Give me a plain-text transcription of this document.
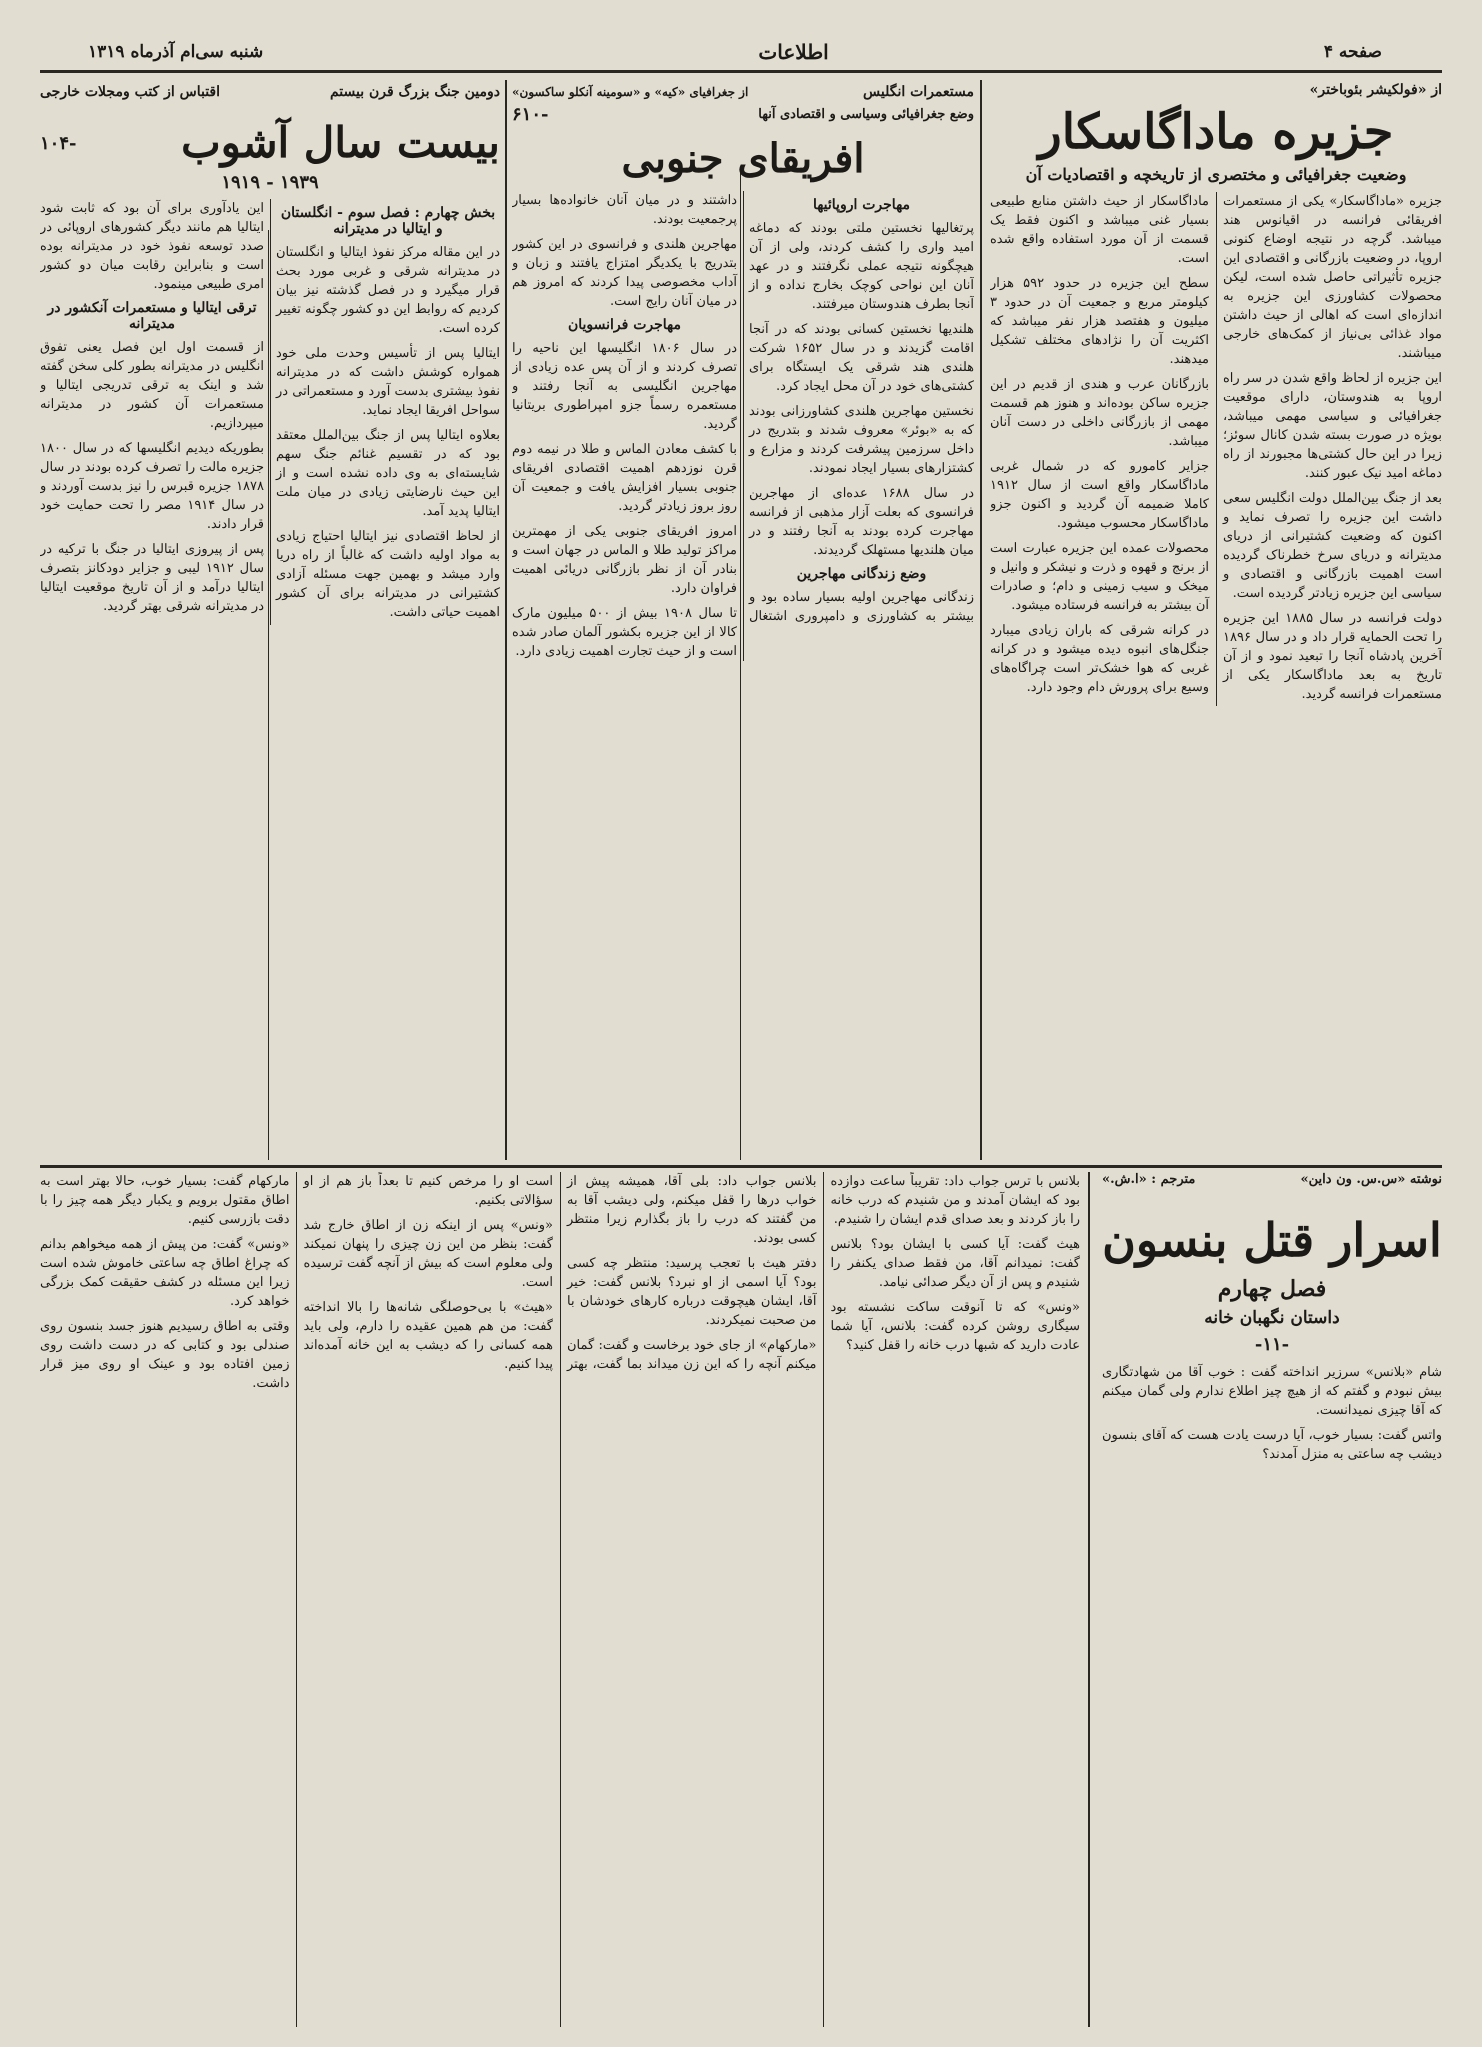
صفحه ۴
اطلاعات
شنبه سی‌ام آذرماه ۱۳۱۹
از «فولکیشر بئوباختر»
جزیره ماداگاسکار
وضعیت جغرافیائی و مختصری از تاریخچه و اقتصادیات آن

جزیره «ماداگاسکار» یکی از مستعمرات افریقائی فرانسه در اقیانوس هند میباشد. گرچه در نتیجه اوضاع کنونی اروپا، در وضعیت بازرگانی و اقتصادی این جزیره تأثیراتی حاصل شده است، لیکن محصولات کشاورزی این جزیره به اندازه‌ای است که اهالی از حیث داشتن مواد غذائی بی‌نیاز از کمک‌های خارجی میباشند.

این جزیره از لحاظ واقع شدن در سر راه اروپا به هندوستان، دارای موقعیت جغرافیائی و سیاسی مهمی میباشد، بویژه در صورت بسته شدن کانال سوئز؛ زیرا در این حال کشتی‌ها مجبورند از راه دماغه امید نیک عبور کنند.

بعد از جنگ بین‌الملل دولت انگلیس سعی داشت این جزیره را تصرف نماید و اکنون که وضعیت کشتیرانی از دریای مدیترانه و دریای سرخ خطرناک گردیده است اهمیت بازرگانی و اقتصادی و سیاسی این جزیره زیادتر گردیده است.

دولت فرانسه در سال ۱۸۸۵ این جزیره را تحت الحمایه قرار داد و در سال ۱۸۹۶ آخرین پادشاه آنجا را تبعید نمود و از آن تاریخ به بعد ماداگاسکار یکی از مستعمرات فرانسه گردید.

ماداگاسکار از حیث داشتن منابع طبیعی بسیار غنی میباشد و اکنون فقط یک قسمت از آن مورد استفاده واقع شده است.

سطح این جزیره در حدود ۵۹۲ هزار کیلومتر مربع و جمعیت آن در حدود ۳ میلیون و هفتصد هزار نفر میباشد که اکثریت آن را نژادهای مختلف تشکیل میدهند.

بازرگانان عرب و هندی از قدیم در این جزیره ساکن بوده‌اند و هنوز هم قسمت مهمی از بازرگانی داخلی در دست آنان میباشد.

جزایر کامورو که در شمال غربی ماداگاسکار واقع است از سال ۱۹۱۲ کاملا ضمیمه آن گردید و اکنون جزو ماداگاسکار محسوب میشود.

محصولات عمده این جزیره عبارت است از برنج و قهوه و ذرت و نیشکر و وانیل و میخک و سیب زمینی و دام؛ و صادرات آن بیشتر به فرانسه فرستاده میشود.

در کرانه شرقی که باران زیادی میبارد جنگل‌های انبوه دیده میشود و در کرانه غربی که هوا خشک‌تر است چراگاه‌های وسیع برای پرورش دام وجود دارد.

مستعمرات انگلیس
از جغرافیای «کیه» و «سومینه آنکلو ساکسون»
وضع جغرافیائی وسیاسی و اقتصادی آنها
-۶۱۰
افریقای جنوبی
مهاجرت اروپائیها

پرتغالیها نخستین ملتی بودند که دماغه امید واری را کشف کردند، ولی از آن هیچگونه نتیجه عملی نگرفتند و در عهد آنان این نواحی کوچک بخارج نداده و از آنجا بطرف هندوستان میرفتند.

هلندیها نخستین کسانی بودند که در آنجا اقامت گزیدند و در سال ۱۶۵۲ شرکت هلندی هند شرقی یک ایستگاه برای کشتی‌های خود در آن محل ایجاد کرد.

نخستین مهاجرین هلندی کشاورزانی بودند که به «بوئر» معروف شدند و بتدریج در داخل سرزمین پیشرفت کردند و مزارع و کشتزارهای بسیار ایجاد نمودند.

در سال ۱۶۸۸ عده‌ای از مهاجرین فرانسوی که بعلت آزار مذهبی از فرانسه مهاجرت کرده بودند به آنجا رفتند و در میان هلندیها مستهلک گردیدند.

وضع زندگانی مهاجرین

زندگانی مهاجرین اولیه بسیار ساده بود و بیشتر به کشاورزی و دامپروری اشتغال داشتند و در میان آنان خانواده‌ها بسیار پرجمعیت بودند.

مهاجرین هلندی و فرانسوی در این کشور بتدریج با یکدیگر امتزاج یافتند و زبان و آداب مخصوصی پیدا کردند که امروز هم در میان آنان رایج است.

مهاجرت فرانسویان

در سال ۱۸۰۶ انگلیسها این ناحیه را تصرف کردند و از آن پس عده زیادی از مهاجرین انگلیسی به آنجا رفتند و مستعمره رسماً جزو امپراطوری بریتانیا گردید.

با کشف معادن الماس و طلا در نیمه دوم قرن نوزدهم اهمیت اقتصادی افریقای جنوبی بسیار افزایش یافت و جمعیت آن روز بروز زیادتر گردید.

امروز افریقای جنوبی یکی از مهمترین مراکز تولید طلا و الماس در جهان است و بنادر آن از نظر بازرگانی دریائی اهمیت فراوان دارد.

تا سال ۱۹۰۸ بیش از ۵۰۰ میلیون مارک کالا از این جزیره بکشور آلمان صادر شده است و از حیث تجارت اهمیت زیادی دارد.

دومین جنگ بزرگ قرن بیستم
اقتباس از کتب ومجلات خارجی
بیست سال آشوب
-۱۰۴
۱۹۳۹ - ۱۹۱۹
بخش چهارم : فصل سوم - انگلستان و ایتالیا در مدیترانه

در این مقاله مرکز نفوذ ایتالیا و انگلستان در مدیترانه شرقی و غربی مورد بحث قرار میگیرد و در فصل گذشته نیز بیان کردیم که روابط این دو کشور چگونه تغییر کرده است.

ایتالیا پس از تأسیس وحدت ملی خود همواره کوشش داشت که در مدیترانه نفوذ بیشتری بدست آورد و مستعمراتی در سواحل افریقا ایجاد نماید.

بعلاوه ایتالیا پس از جنگ بین‌الملل معتقد بود که در تقسیم غنائم جنگ سهم شایسته‌ای به وی داده نشده است و از این حیث نارضایتی زیادی در میان ملت ایتالیا پدید آمد.

از لحاظ اقتصادی نیز ایتالیا احتیاج زیادی به مواد اولیه داشت که غالباً از راه دریا وارد میشد و بهمین جهت مسئله آزادی کشتیرانی در مدیترانه برای آن کشور اهمیت حیاتی داشت.

این یادآوری برای آن بود که ثابت شود ایتالیا هم مانند دیگر کشورهای اروپائی در صدد توسعه نفوذ خود در مدیترانه بوده است و بنابراین رقابت میان دو کشور امری طبیعی مینمود.

ترقی ایتالیا و مستعمرات آنکشور در مدیترانه

از قسمت اول این فصل یعنی تفوق انگلیس در مدیترانه بطور کلی سخن گفته شد و اینک به ترقی تدریجی ایتالیا و مستعمرات آن کشور در مدیترانه میپردازیم.

بطوریکه دیدیم انگلیسها که در سال ۱۸۰۰ جزیره مالت را تصرف کرده بودند در سال ۱۸۷۸ جزیره قبرس را نیز بدست آوردند و در سال ۱۹۱۴ مصر را تحت حمایت خود قرار دادند.

پس از پیروزی ایتالیا در جنگ با ترکیه در سال ۱۹۱۲ لیبی و جزایر دودکانز بتصرف ایتالیا درآمد و از آن تاریخ موقعیت ایتالیا در مدیترانه شرقی بهتر گردید.

نوشته «س.س. ون داین»
مترجم : «ا.ش.»
اسرار قتل بنسون
فصل چهارم
داستان نگهبان خانه
-۱۱-

شام «بلانس» سرزیر انداخته گفت : خوب آقا من شهادتگاری بیش نبودم و گفتم که از هیچ چیز اطلاع ندارم ولی گمان میکنم که آقا چیزی نمیدانست.

واتس گفت: بسیار خوب، آیا درست یادت هست که آقای بنسون دیشب چه ساعتی به منزل آمدند؟

بلانس با ترس جواب داد: تقریباً ساعت دوازده بود که ایشان آمدند و من شنیدم که درب خانه را باز کردند و بعد صدای قدم ایشان را شنیدم.

هیث گفت: آیا کسی با ایشان بود؟ بلانس گفت: نمیدانم آقا، من فقط صدای یکنفر را شنیدم و پس از آن دیگر صدائی نیامد.

«ونس» که تا آنوقت ساکت نشسته بود سیگاری روشن کرده گفت: بلانس، آیا شما عادت دارید که شبها درب خانه را قفل کنید؟

بلانس جواب داد: بلی آقا، همیشه پیش از خواب درها را قفل میکنم، ولی دیشب آقا به من گفتند که درب را باز بگذارم زیرا منتظر کسی بودند.

دفتر هیث با تعجب پرسید: منتظر چه کسی بود؟ آیا اسمی از او نبرد؟ بلانس گفت: خیر آقا، ایشان هیچوقت درباره کارهای خودشان با من صحبت نمیکردند.

«مارکهام» از جای خود برخاست و گفت: گمان میکنم آنچه را که این زن میداند بما گفت، بهتر است او را مرخص کنیم تا بعداً باز هم از او سؤالاتی بکنیم.

«ونس» پس از اینکه زن از اطاق خارج شد گفت: بنظر من این زن چیزی را پنهان نمیکند ولی معلوم است که بیش از آنچه گفت ترسیده است.

«هیث» با بی‌حوصلگی شانه‌ها را بالا انداخته گفت: من هم همین عقیده را دارم، ولی باید همه کسانی را که دیشب به این خانه آمده‌اند پیدا کنیم.

مارکهام گفت: بسیار خوب، حالا بهتر است به اطاق مقتول برویم و یکبار دیگر همه چیز را با دقت بازرسی کنیم.

«ونس» گفت: من پیش از همه میخواهم بدانم که چراغ اطاق چه ساعتی خاموش شده است زیرا این مسئله در کشف حقیقت کمک بزرگی خواهد کرد.

وقتی به اطاق رسیدیم هنوز جسد بنسون روی صندلی بود و کتابی که در دست داشت روی زمین افتاده بود و عینک او روی میز قرار داشت.
